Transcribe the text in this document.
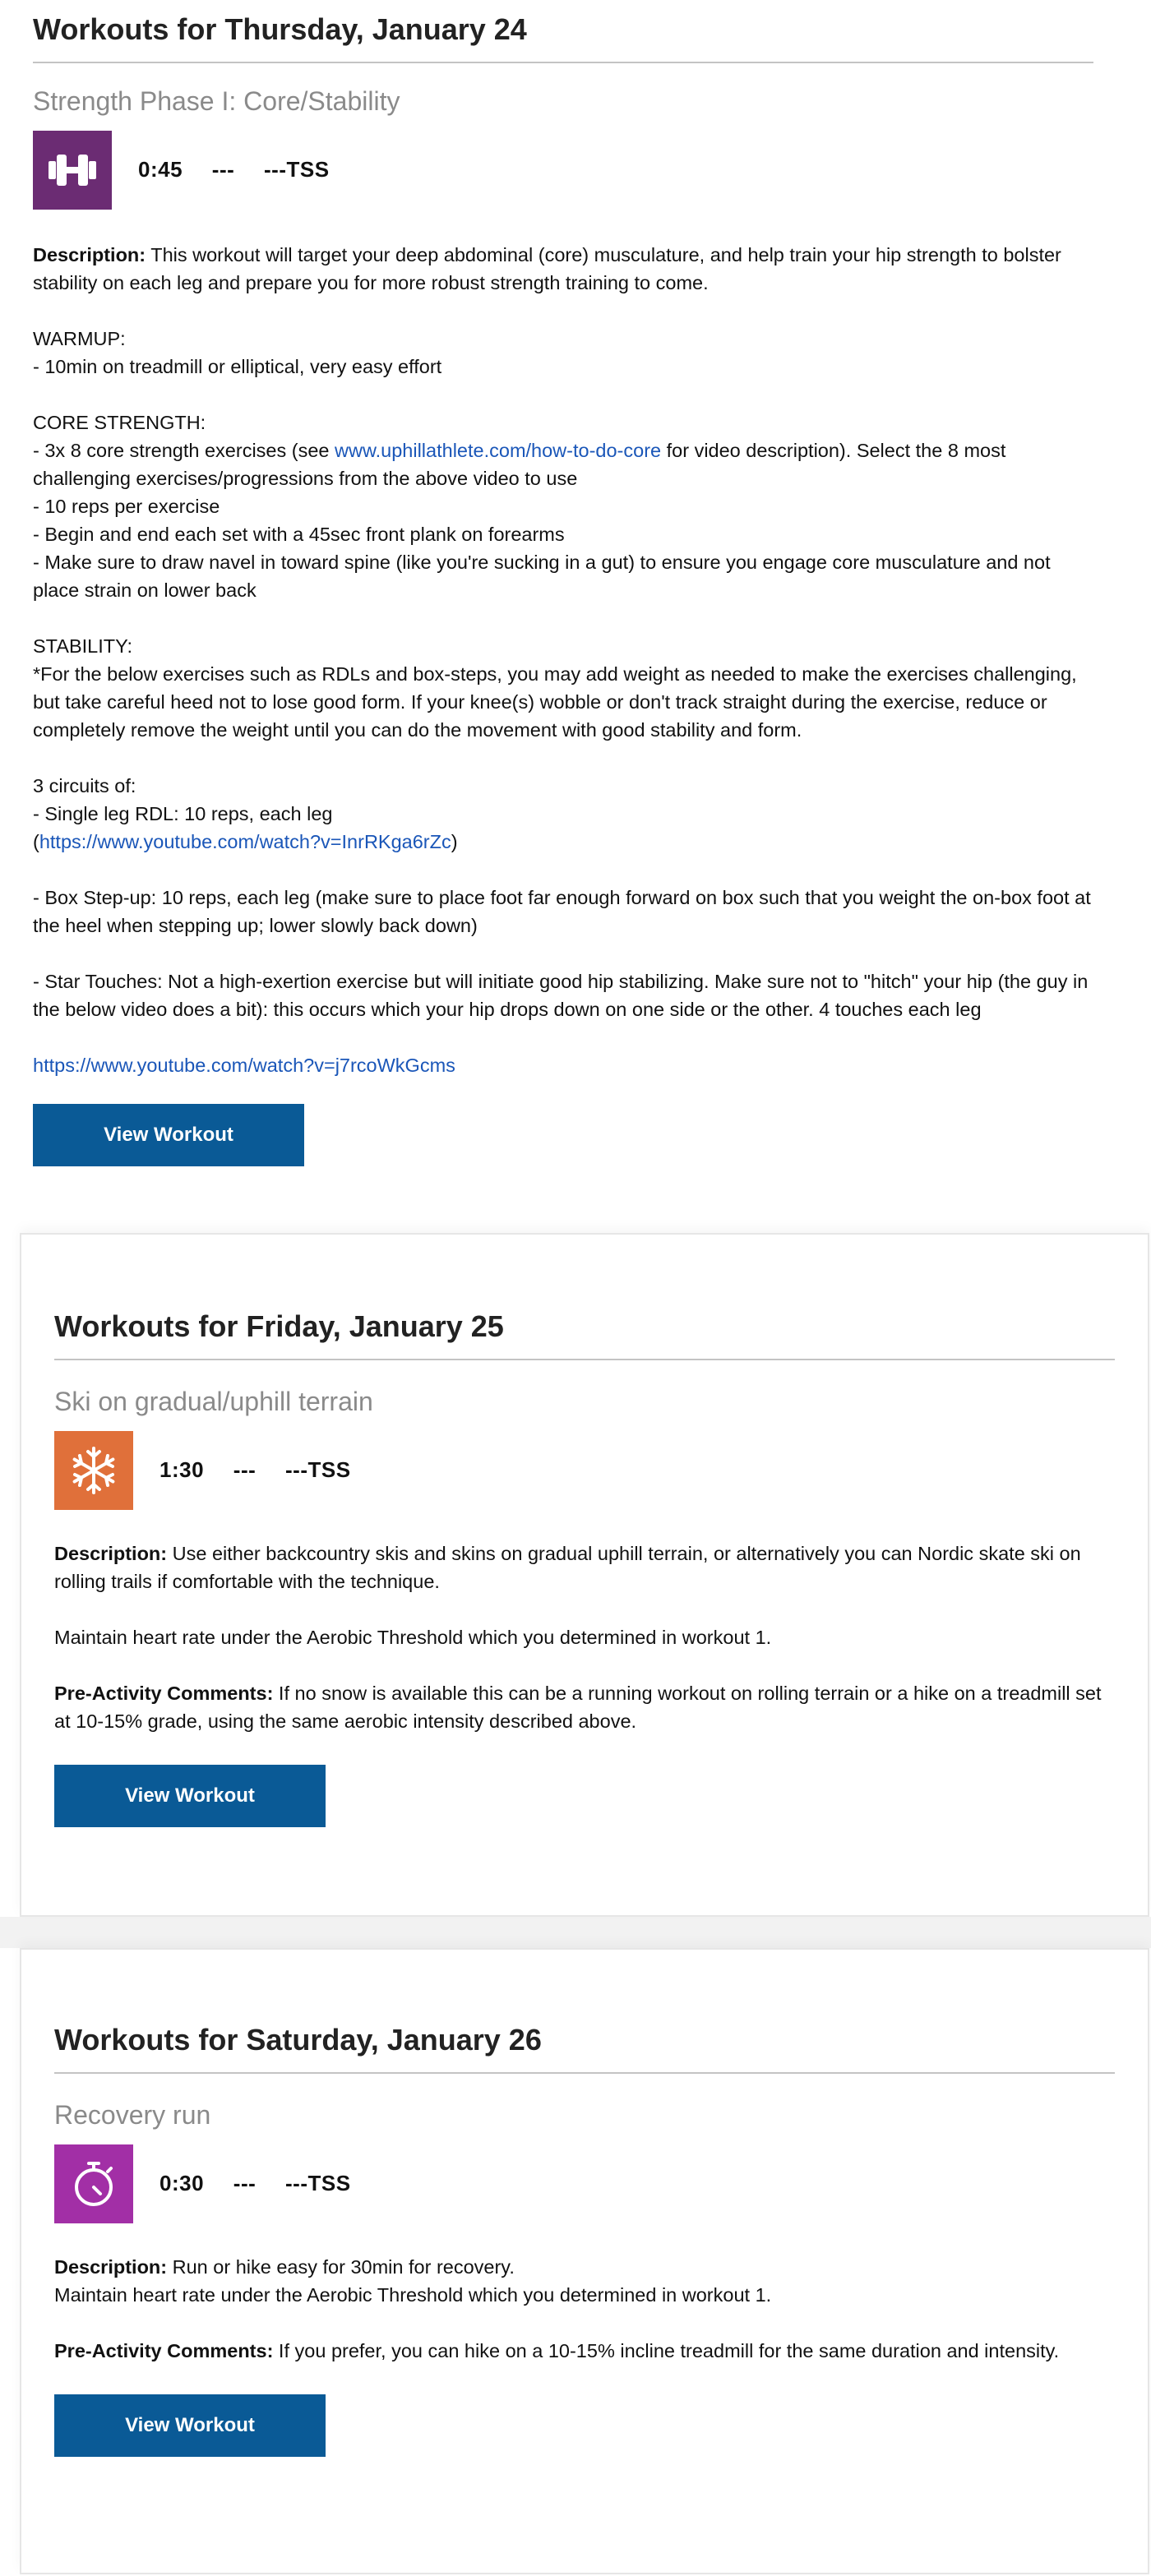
Workouts for Thursday, January 24
Strength Phase I: Core/Stability
0:45 --- ---TSS

Description: This workout will target your deep abdominal (core) musculature, and help train your hip strength to bolster stability on each leg and prepare you for more robust strength training to come.

WARMUP:

- 10min on treadmill or elliptical, very easy effort

CORE STRENGTH:

- 3x 8 core strength exercises (see www.uphillathlete.com/how-to-do-core for video description). Select the 8 most challenging exercises/progressions from the above video to use

- 10 reps per exercise

- Begin and end each set with a 45sec front plank on forearms

- Make sure to draw navel in toward spine (like you're sucking in a gut) to ensure you engage core musculature and not place strain on lower back

STABILITY:

*For the below exercises such as RDLs and box-steps, you may add weight as needed to make the exercises challenging, but take careful heed not to lose good form. If your knee(s) wobble or don't track straight during the exercise, reduce or completely remove the weight until you can do the movement with good stability and form.

3 circuits of:

- Single leg RDL: 10 reps, each leg

(https://www.youtube.com/watch?v=InrRKga6rZc)

- Box Step-up: 10 reps, each leg (make sure to place foot far enough forward on box such that you weight the on-box foot at the heel when stepping up; lower slowly back down)

- Star Touches: Not a high-exertion exercise but will initiate good hip stabilizing. Make sure not to "hitch" your hip (the guy in the below video does a bit): this occurs which your hip drops down on one side or the other. 4 touches each leg

https://www.youtube.com/watch?v=j7rcoWkGcms

View Workout
Workouts for Friday, January 25
Ski on gradual/uphill terrain
1:30 --- ---TSS

Description: Use either backcountry skis and skins on gradual uphill terrain, or alternatively you can Nordic skate ski on rolling trails if comfortable with the technique.

Maintain heart rate under the Aerobic Threshold which you determined in workout 1.

Pre-Activity Comments: If no snow is available this can be a running workout on rolling terrain or a hike on a treadmill set at 10-15% grade, using the same aerobic intensity described above.

View Workout
Workouts for Saturday, January 26
Recovery run
0:30 --- ---TSS

Description: Run or hike easy for 30min for recovery.

Maintain heart rate under the Aerobic Threshold which you determined in workout 1.

Pre-Activity Comments: If you prefer, you can hike on a 10-15% incline treadmill for the same duration and intensity.

View Workout
